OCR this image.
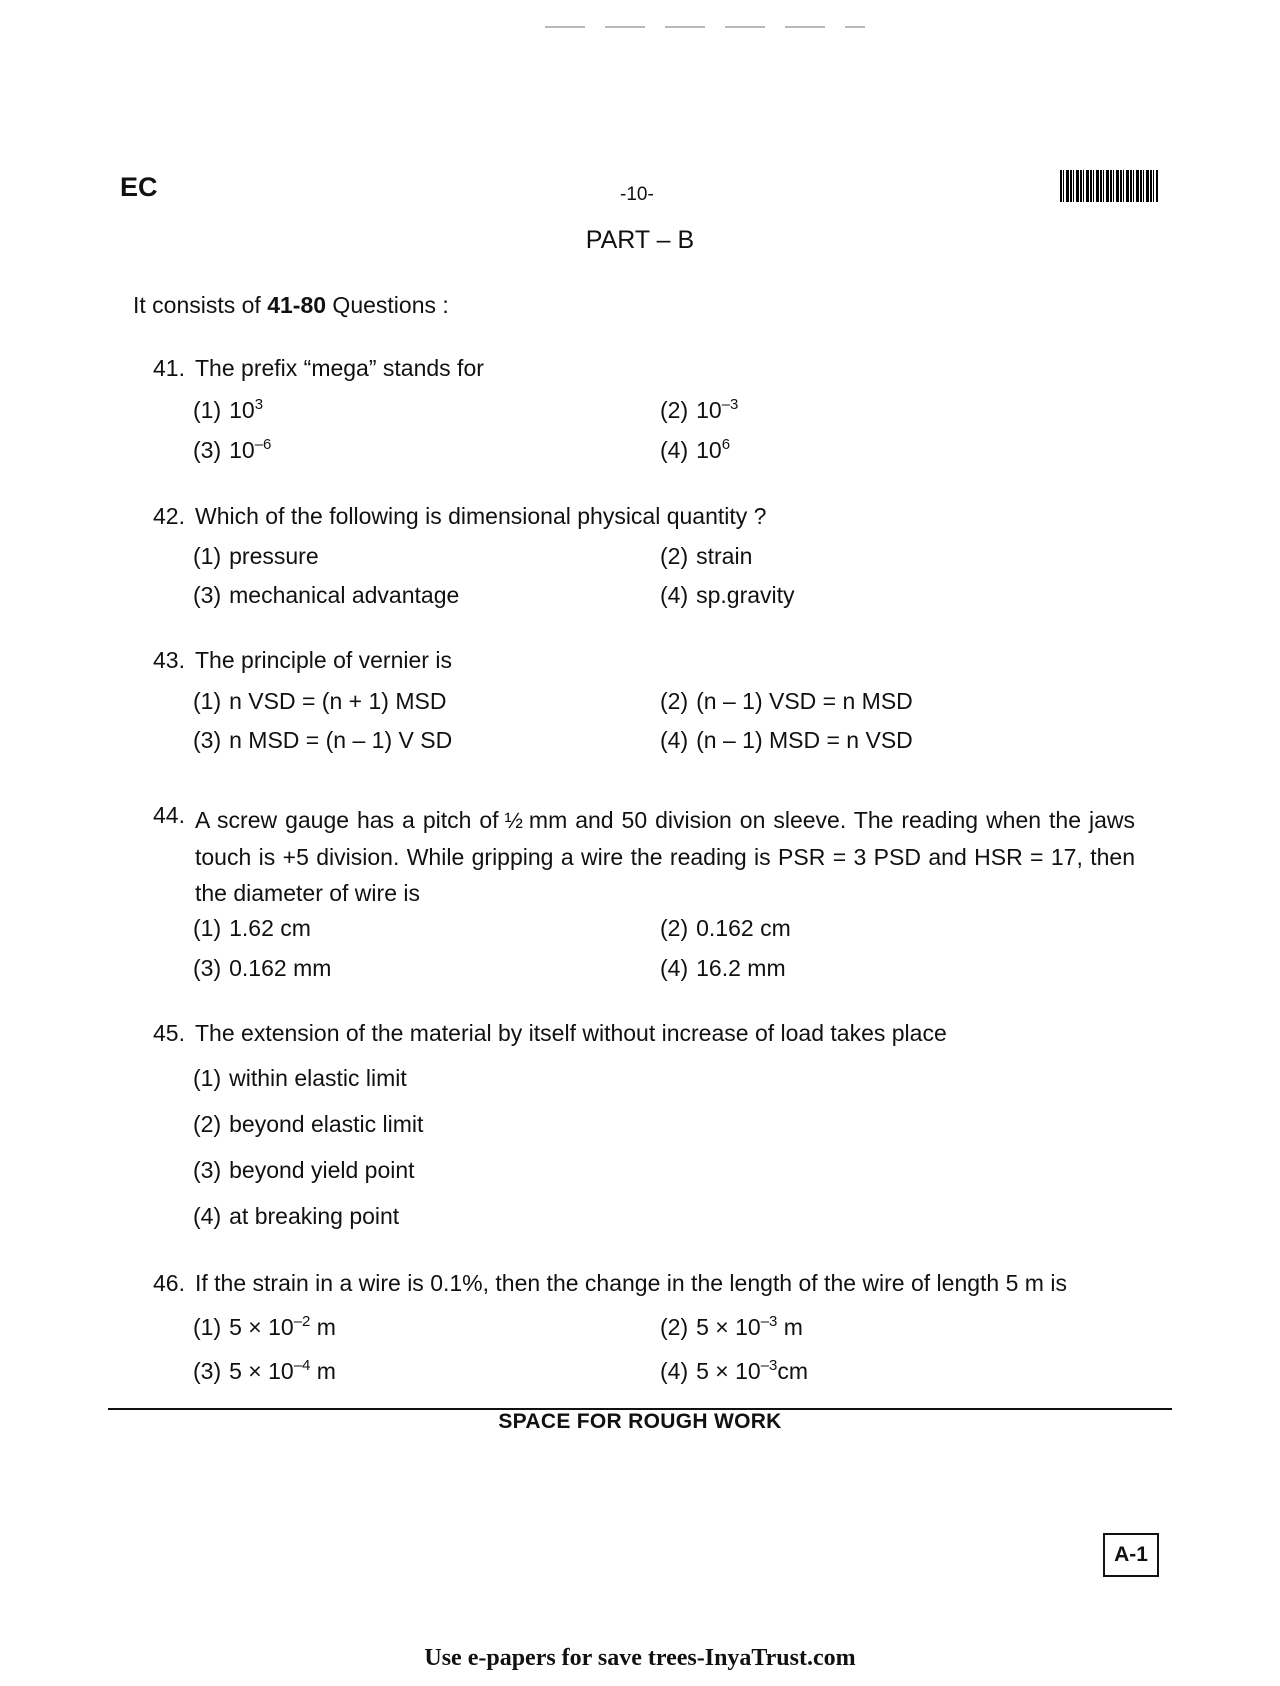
EC	-10-
PART – B
It consists of 41-80 Questions :
41. The prefix “mega” stands for
(1) $10^3$	(2) $10^{-3}$
(3) $10^{-6}$	(4) $10^6$
42. Which of the following is dimensional physical quantity ?
(1) pressure	(2) strain
(3) mechanical advantage	(4) sp.gravity
43. The principle of vernier is
(1) n VSD = (n + 1) MSD	(2) (n – 1) VSD = n MSD
(3) n MSD = (n – 1) V SD	(4) (n – 1) MSD = n VSD
44. A screw gauge has a pitch of ½ mm and 50 division on sleeve. The reading when the jaws touch is +5 division. While gripping a wire the reading is PSR = 3 PSD and HSR = 17, then the diameter of wire is
(1) 1.62 cm	(2) 0.162 cm
(3) 0.162 mm	(4) 16.2 mm
45. The extension of the material by itself without increase of load takes place
(1) within elastic limit
(2) beyond elastic limit
(3) beyond yield point
(4) at breaking point
46. If the strain in a wire is 0.1%, then the change in the length of the wire of length 5 m is
(1) $5 \times 10^{-2}$ m	(2) $5 \times 10^{-3}$ m
(3) $5 \times 10^{-4}$ m	(4) $5 \times 10^{-3}cm$
SPACE FOR ROUGH WORK
A-1
Use e-papers for save trees-InyaTrust.com
